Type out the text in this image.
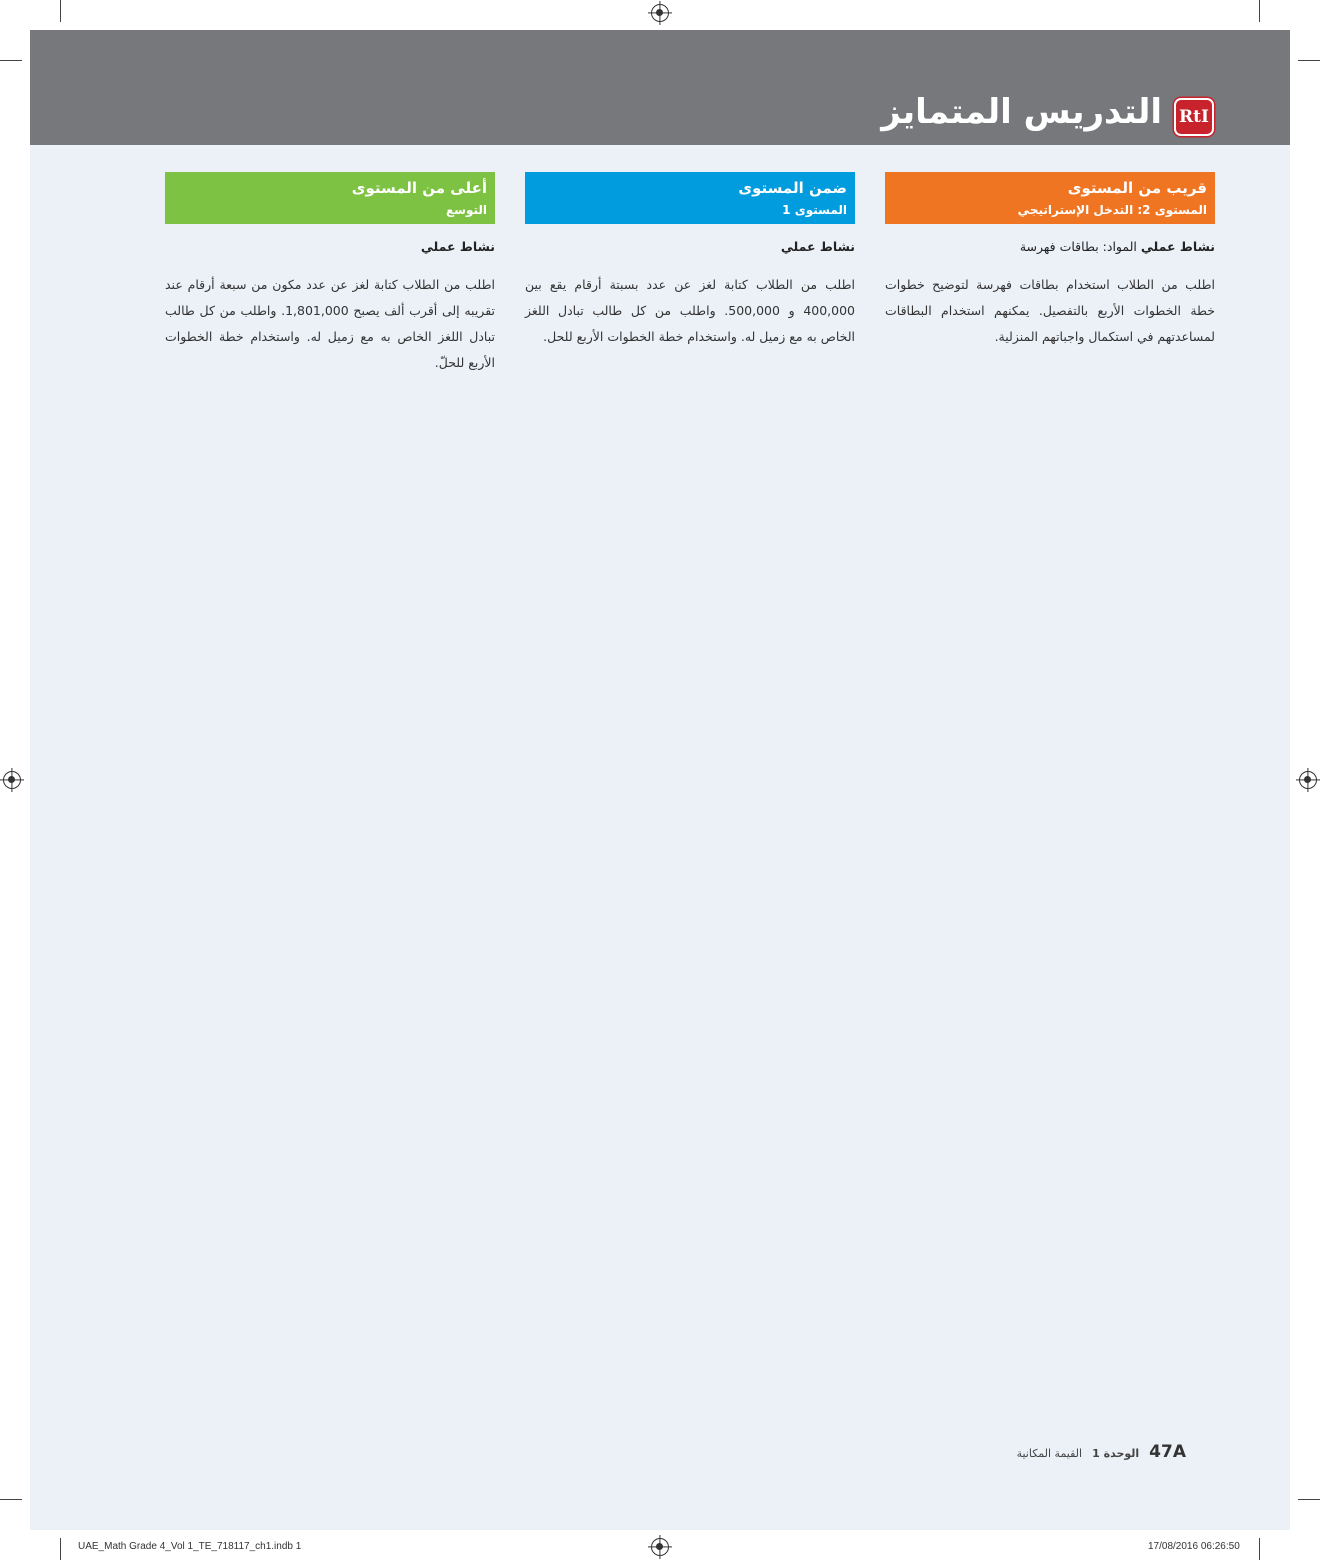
التدريس المتمايز RtI
قريب من المستوى
المستوى 2: التدخل الإستراتيجي
نشاط عملي المواد: بطاقات فهرسة
اطلب من الطلاب استخدام بطاقات فهرسة لتوضيح خطوات خطة الخطوات الأربع بالتفصيل. يمكنهم استخدام البطاقات لمساعدتهم في استكمال واجباتهم المنزلية.
ضمن المستوى
المستوى 1
نشاط عملي
اطلب من الطلاب كتابة لغز عن عدد بسبتة أرقام يقع بين 400,000 و 500,000. واطلب من كل طالب تبادل اللغز الخاص به مع زميل له. واستخدام خطة الخطوات الأربع للحل.
أعلى من المستوى
التوسع
نشاط عملي
اطلب من الطلاب كتابة لغز عن عدد مكون من سبعة أرقام عند تقريبه إلى أقرب ألف يصبح 1,801,000. واطلب من كل طالب تبادل اللغز الخاص به مع زميل له. واستخدام خطة الخطوات الأربع للحلّ.
47A
الوحدة 1
القيمة المكانية
UAE_Math Grade 4_Vol 1_TE_718117_ch1.indb 1	17/08/2016 06:26:50
